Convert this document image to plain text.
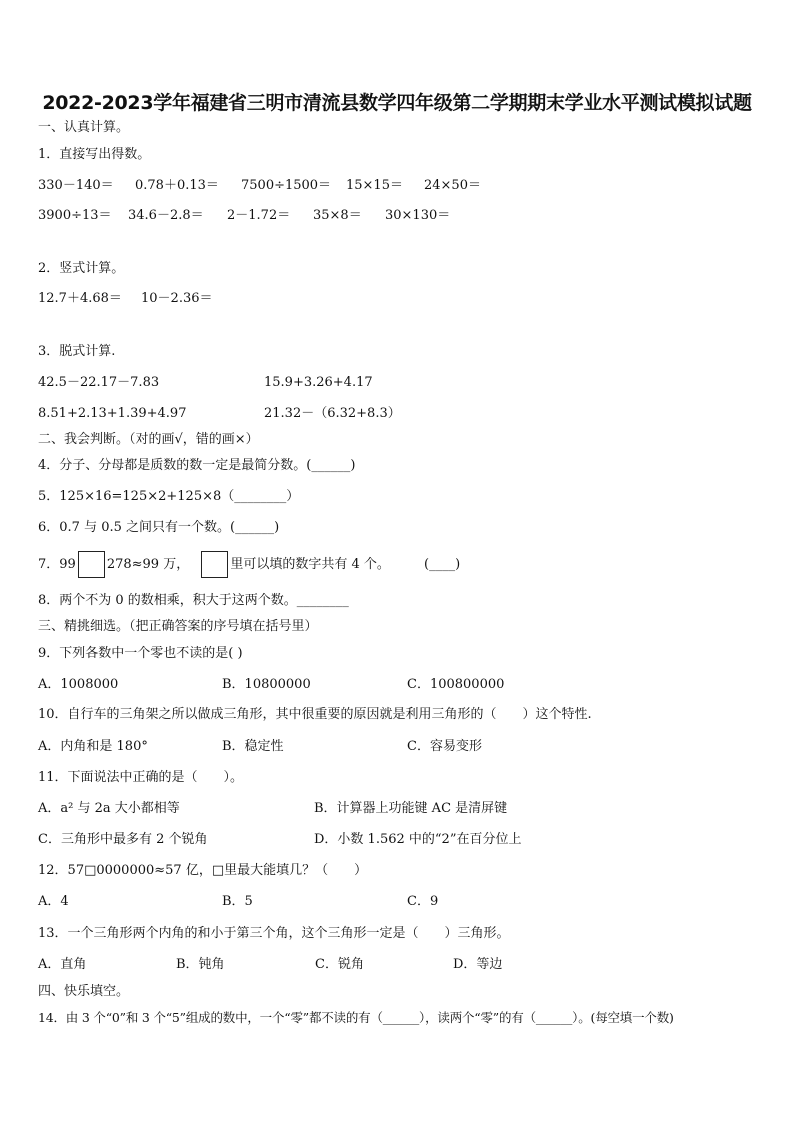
2022-2023学年福建省三明市清流县数学四年级第二学期期末学业水平测试模拟试题
一、认真计算。
1．直接写出得数。
330－140＝ 0.78＋0.13＝ 7500÷1500＝ 15×15＝ 24×50＝
3900÷13＝ 34.6－2.8＝ 2－1.72＝ 35×8＝ 30×130＝
2．竖式计算。
12.7＋4.68＝ 10－2.36＝
3．脱式计算.
42.5－22.17－7.83	15.9+3.26+4.17
8.51+2.13+1.39+4.97	21.32－（6.32+8.3）
二、我会判断。（对的画√，错的画×）
4．分子、分母都是质数的数一定是最简分数。(______)
5．125×16=125×2+125×8（________）
6．0.7 与 0.5 之间只有一个数。(______)
7．99 278≈99 万，	里可以填的数字共有 4 个。	(____)
8．两个不为 0 的数相乘，积大于这两个数。________
三、精挑细选。（把正确答案的序号填在括号里）
9．下列各数中一个零也不读的是( )
A．1008000	B．10800000	C．100800000
10．自行车的三角架之所以做成三角形，其中很重要的原因就是利用三角形的（　　）这个特性.
A．内角和是 180°	B．稳定性	C．容易变形
11．下面说法中正确的是（　　）。
A．a² 与 2a 大小都相等	B．计算器上功能键 AC 是清屏键
C．三角形中最多有 2 个锐角	D．小数 1.562 中的“2”在百分位上
12．57□0000000≈57 亿，□里最大能填几？（　　）
A．4	B．5	C．9
13．一个三角形两个内角的和小于第三个角，这个三角形一定是（　　）三角形。
A．直角	B．钝角	C．锐角	D．等边
四、快乐填空。
14．由 3 个“0”和 3 个“5”组成的数中，一个“零”都不读的有（______），读两个“零”的有（______）。(每空填一个数)
